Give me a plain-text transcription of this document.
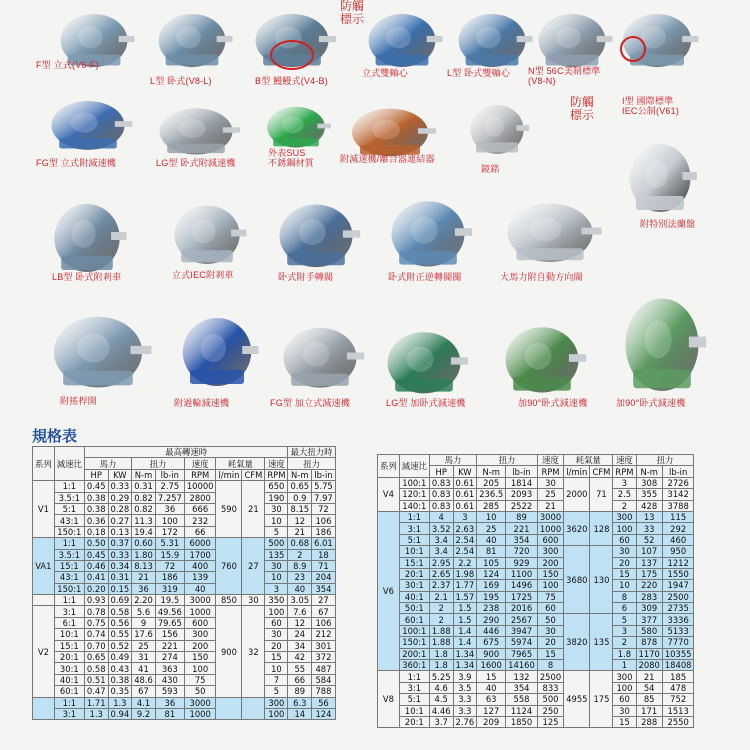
F型 立式(V6-F)
L型 卧式(V8-L)	B型 鰻鰻式(V4-B)
立式雙軸心	L型 卧式雙軸心 N型 56C美制標準
(V8-N)
I型 國際標準
IEC公制(V61)
FG型 立式附減速機	LG型 卧式附減速機
外表SUS
不銹鋼材質	附減速機/離合器連結器
鏡銘
LB型 卧式附剎車	立式IEC附剎車	卧式附手轉閥	卧式附正逆轉閥關	大馬力附自動方向閥
附特別法蘭盤
附搖桿開	附過輪減速機	FG型 加立式減速機	LG型 加卧式減速機	加90°卧式減速機	加90°卧式減速機
防觸
標示
防觸
標示
規格表
系列	減速比	最高轉速時								最大扭力時	
		馬力		扭力		速度	耗氣量		速度	扭力	
		HP	KW	N-m	lb-in	RPM	l/min	CFM	RPM	N-m	lb-in
V1	1:1	0.45	0.33	0.31	2.75	10000	590	21	650	0.65	5.75
	3.5:1	0.38	0.29	0.82	7.257	2800			190	0.9	7.97
	5:1	0.38	0.28	0.82	36	666			30	8.15	72
	43:1	0.36	0.27	11.3	100	232			10	12	106
	150:1	0.18	0.13	19.4	172	66			5	21	186
VA1	1:1	0.50	0.37	0.60	5.31	6000	760	27	500	0.68	6.01
	3.5:1	0.45	0.33	1.80	15.9	1700			135	2	18
	15:1	0.46	0.34	8.13	72	400			30	8.9	71
	43:1	0.41	0.31	21	186	139			10	23	204
	150:1	0.20	0.15	36	319	40			3	40	354
	1:1	0.93	0.69	2.20	19.5	3000	850	30	350	3.05	27
V2	3:1	0.78	0.58	5.6	49.56	1000	900	32	100	7.6	67
	6:1	0.75	0.56	9	79.65	600			60	12	106
	10:1	0.74	0.55	17.6	156	300			30	24	212
	15:1	0.70	0.52	25	221	200			20	34	301
	20:1	0.65	0.49	31	274	150			15	42	372
	30:1	0.58	0.43	41	363	100			10	55	487
	40:1	0.51	0.38	48.6	430	75			7	66	584
	60:1	0.47	0.35	67	593	50			5	89	788
	1:1	1.71	1.3	4.1	36	3000			300	6.3	56
	3:1	1.3	0.94	9.2	81	1000			100	14	124
系列	減速比	馬力		扭力		速度	耗氣量		速度	扭力	
		HP	KW	N-m	lb-in	RPM	l/min	CFM	RPM	N-m	lb-in
V4	100:1	0.83	0.61	205	1814	30	2000	71	3	308	2726
	120:1	0.83	0.61	236.5	2093	25			2.5	355	3142
	140:1	0.83	0.61	285	2522	21			2	428	3788
V6	1:1	4	3	10	89	3000	3620	128	300	13	115
	3:1	3.52	2.63	25	221	1000			100	33	292
	5:1	3.4	2.54	40	354	600			60	52	460
	10:1	3.4	2.54	81	720	300	3680	130	30	107	950
	15:1	2.95	2.2	105	929	200			20	137	1212
	20:1	2.65	1.98	124	1100	150			15	175	1550
	30:1	2.37	1.77	169	1496	100			10	220	1947
	40:1	2.1	1.57	195	1725	75			8	283	2500
	50:1	2	1.5	238	2016	60			6	309	2735
	60:1	2	1.5	290	2567	50	3820	135	5	377	3336
	100:1	1.88	1.4	446	3947	30			3	580	5133
	150:1	1.88	1.4	675	5974	20			2	878	7770
	200:1	1.8	1.34	900	7965	15			1.8	1170	10355
	360:1	1.8	1.34	1600	14160	8			1	2080	18408
V8	1:1	5.25	3.9	15	132	2500	4955	175	300	21	185
	3:1	4.6	3.5	40	354	833			100	54	478
	5:1	4.5	3.3	63	558	500			60	85	752
	10:1	4.46	3.3	127	1124	250			30	171	1513
	20:1	3.7	2.76	209	1850	125			15	288	2550
